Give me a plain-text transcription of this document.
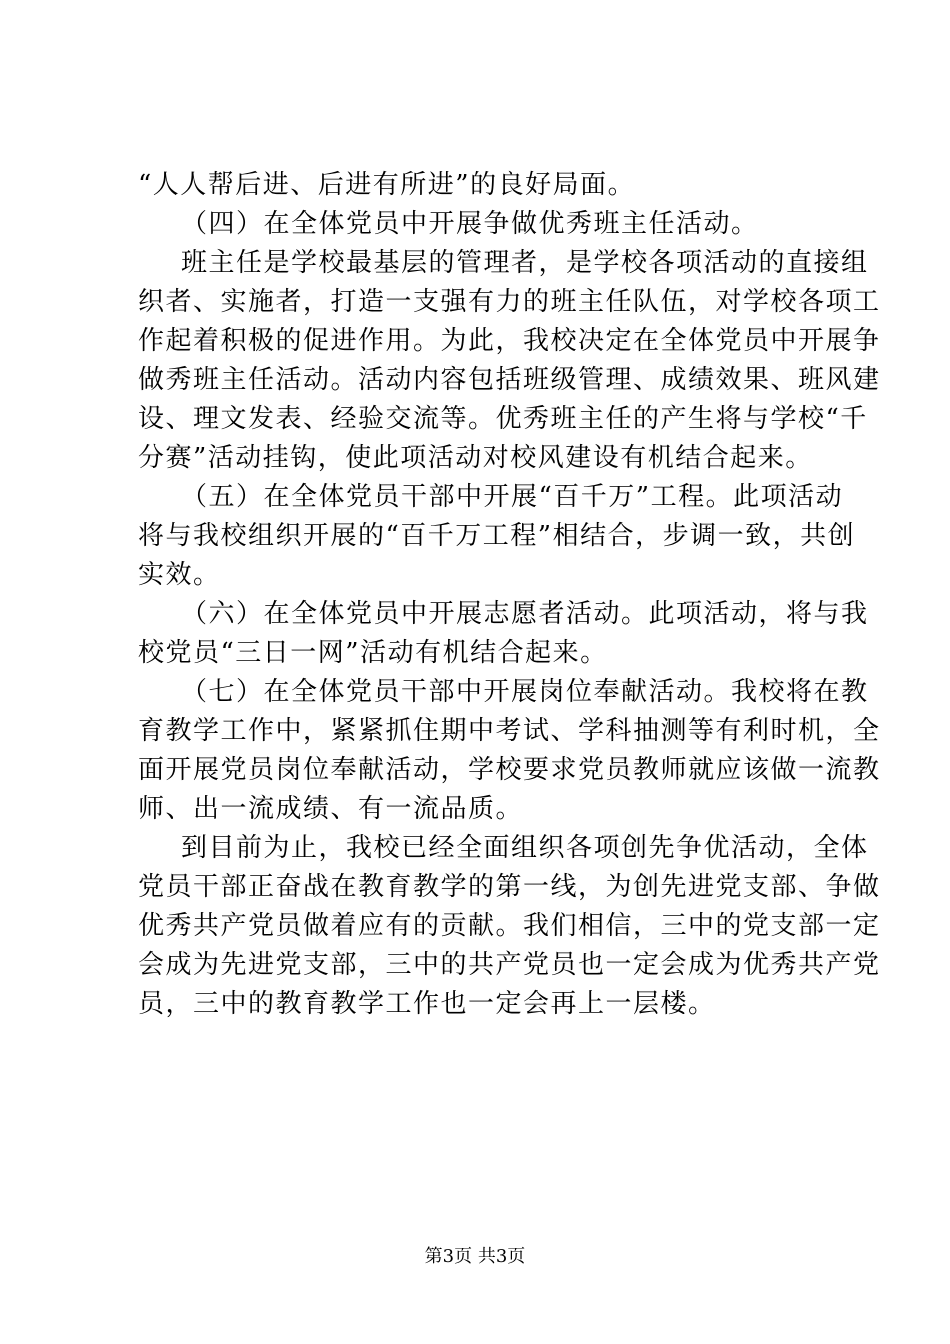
“人人帮后进、后进有所进”的良好局面。
（四）在全体党员中开展争做优秀班主任活动。
班主任是学校最基层的管理者，是学校各项活动的直接组
织者、实施者，打造一支强有力的班主任队伍，对学校各项工
作起着积极的促进作用。为此，我校决定在全体党员中开展争
做秀班主任活动。活动内容包括班级管理、成绩效果、班风建
设、理文发表、经验交流等。优秀班主任的产生将与学校“千
分赛”活动挂钩，使此项活动对校风建设有机结合起来。
（五）在全体党员干部中开展“百千万”工程。此项活动
将与我校组织开展的“百千万工程”相结合，步调一致，共创
实效。
（六）在全体党员中开展志愿者活动。此项活动，将与我
校党员“三日一网”活动有机结合起来。
（七）在全体党员干部中开展岗位奉献活动。我校将在教
育教学工作中，紧紧抓住期中考试、学科抽测等有利时机，全
面开展党员岗位奉献活动，学校要求党员教师就应该做一流教
师、出一流成绩、有一流品质。
到目前为止，我校已经全面组织各项创先争优活动，全体
党员干部正奋战在教育教学的第一线，为创先进党支部、争做
优秀共产党员做着应有的贡献。我们相信，三中的党支部一定
会成为先进党支部，三中的共产党员也一定会成为优秀共产党
员，三中的教育教学工作也一定会再上一层楼。
第3页 共3页
